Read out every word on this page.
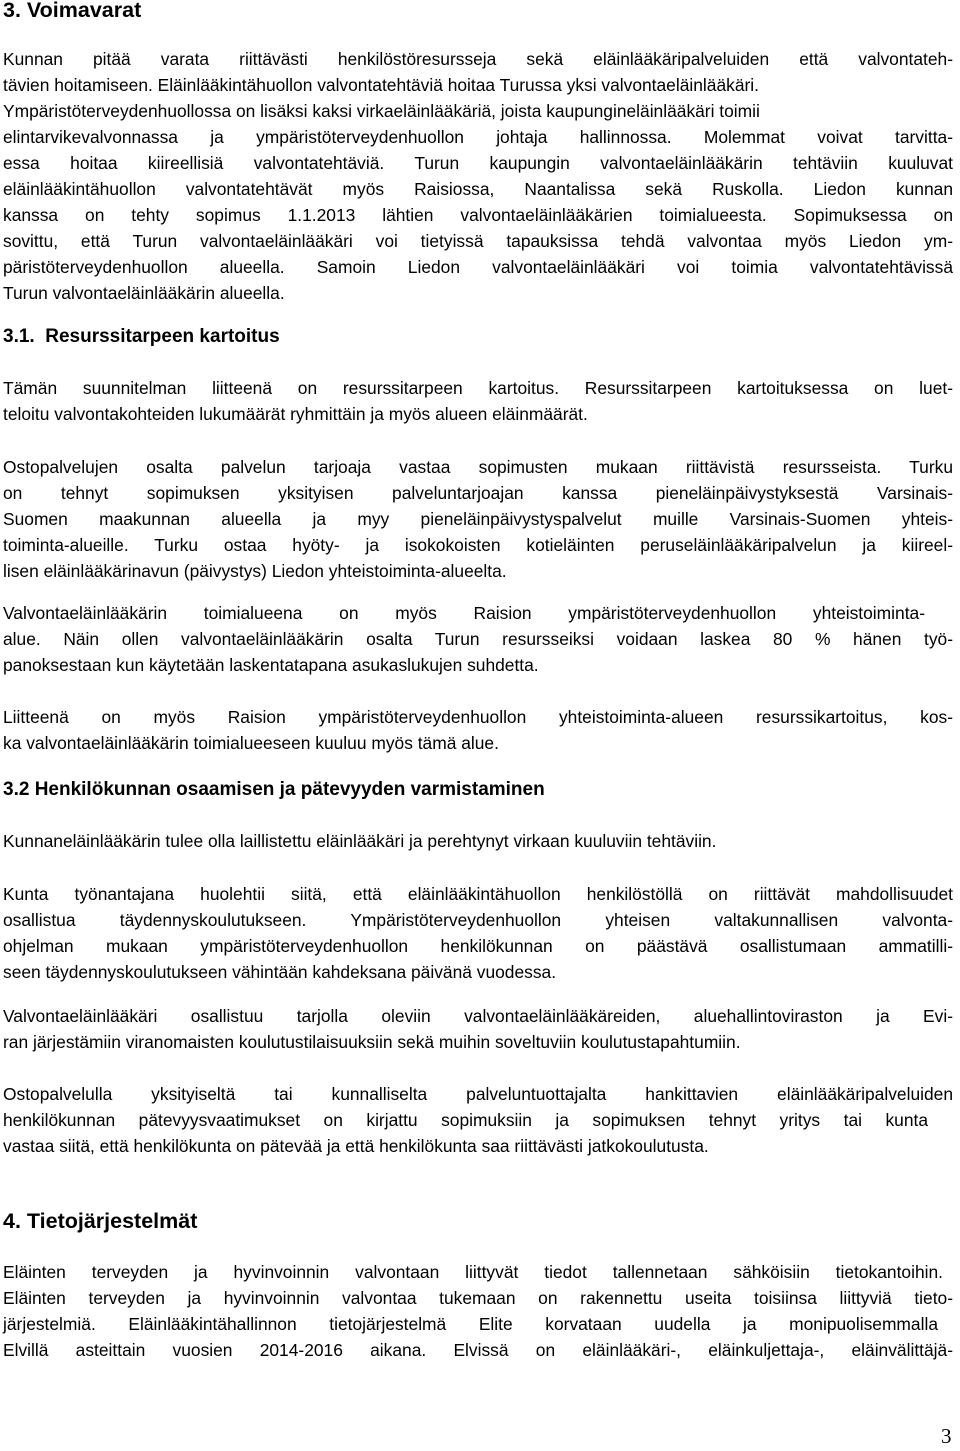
3. Voimavarat
Kunnan pitää varata riittävästi henkilöstöresursseja sekä eläinlääkäripalveluiden että valvontateh-
tävien hoitamiseen. Eläinlääkintähuollon valvontatehtäviä hoitaa Turussa yksi valvontaeläinlääkäri.
Ympäristöterveydenhuollossa on lisäksi kaksi virkaeläinlääkäriä, joista kaupungineläinlääkäri toimii
elintarvikevalvonnassa ja ympäristöterveydenhuollon johtaja hallinnossa. Molemmat voivat tarvitta-
essa hoitaa kiireellisiä valvontatehtäviä. Turun kaupungin valvontaeläinlääkärin tehtäviin kuuluvat
eläinlääkintähuollon valvontatehtävät myös Raisiossa, Naantalissa sekä Ruskolla. Liedon kunnan
kanssa on tehty sopimus 1.1.2013 lähtien valvontaeläinlääkärien toimialueesta. Sopimuksessa on
sovittu, että Turun valvontaeläinlääkäri voi tietyissä tapauksissa tehdä valvontaa myös Liedon ym-
päristöterveydenhuollon alueella. Samoin Liedon valvontaeläinlääkäri voi toimia valvontatehtävissä
Turun valvontaeläinlääkärin alueella.
3.1.  Resurssitarpeen kartoitus
Tämän suunnitelman liitteenä on resurssitarpeen kartoitus. Resurssitarpeen kartoituksessa on luet-
teloitu valvontakohteiden lukumäärät ryhmittäin ja myös alueen eläinmäärät.
Ostopalvelujen osalta palvelun tarjoaja vastaa sopimusten mukaan riittävistä resursseista. Turku
on tehnyt sopimuksen yksityisen palveluntarjoajan kanssa pieneläinpäivystyksestä Varsinais-
Suomen maakunnan alueella ja myy pieneläinpäivystyspalvelut muille Varsinais-Suomen yhteis-
toiminta-alueille. Turku ostaa hyöty- ja isokokoisten kotieläinten peruseläinlääkäripalvelun ja kiireel-
lisen eläinlääkärinavun (päivystys) Liedon yhteistoiminta-alueelta.
Valvontaeläinlääkärin toimialueena on myös Raision ympäristöterveydenhuollon yhteistoiminta-
alue. Näin ollen valvontaeläinlääkärin osalta Turun resursseiksi voidaan laskea 80 % hänen työ-
panoksestaan kun käytetään laskentatapana asukaslukujen suhdetta.
Liitteenä on myös Raision ympäristöterveydenhuollon yhteistoiminta-alueen resurssikartoitus, kos-
ka valvontaeläinlääkärin toimialueeseen kuuluu myös tämä alue.
3.2 Henkilökunnan osaamisen ja pätevyyden varmistaminen
Kunnaneläinlääkärin tulee olla laillistettu eläinlääkäri ja perehtynyt virkaan kuuluviin tehtäviin.
Kunta työnantajana huolehtii siitä, että eläinlääkintähuollon henkilöstöllä on riittävät mahdollisuudet
osallistua täydennyskoulutukseen. Ympäristöterveydenhuollon yhteisen valtakunnallisen valvonta-
ohjelman mukaan ympäristöterveydenhuollon henkilökunnan on päästävä osallistumaan ammatilli-
seen täydennyskoulutukseen vähintään kahdeksana päivänä vuodessa.
Valvontaeläinlääkäri osallistuu tarjolla oleviin valvontaeläinlääkäreiden, aluehallintoviraston ja Evi-
ran järjestämiin viranomaisten koulutustilaisuuksiin sekä muihin soveltuviin koulutustapahtumiin.
Ostopalvelulla yksityiseltä tai kunnalliselta palveluntuottajalta hankittavien eläinlääkäripalveluiden
henkilökunnan pätevyysvaatimukset on kirjattu sopimuksiin ja sopimuksen tehnyt yritys tai kunta
vastaa siitä, että henkilökunta on pätevää ja että henkilökunta saa riittävästi jatkokoulutusta.
4. Tietojärjestelmät
Eläinten terveyden ja hyvinvoinnin valvontaan liittyvät tiedot tallennetaan sähköisiin tietokantoihin.
Eläinten terveyden ja hyvinvoinnin valvontaa tukemaan on rakennettu useita toisiinsa liittyviä tieto-
järjestelmiä. Eläinlääkintähallinnon tietojärjestelmä Elite korvataan uudella ja monipuolisemmalla
Elvillä asteittain vuosien 2014-2016 aikana. Elvissä on eläinlääkäri-, eläinkuljettaja-, eläinvälittäjä-
3
